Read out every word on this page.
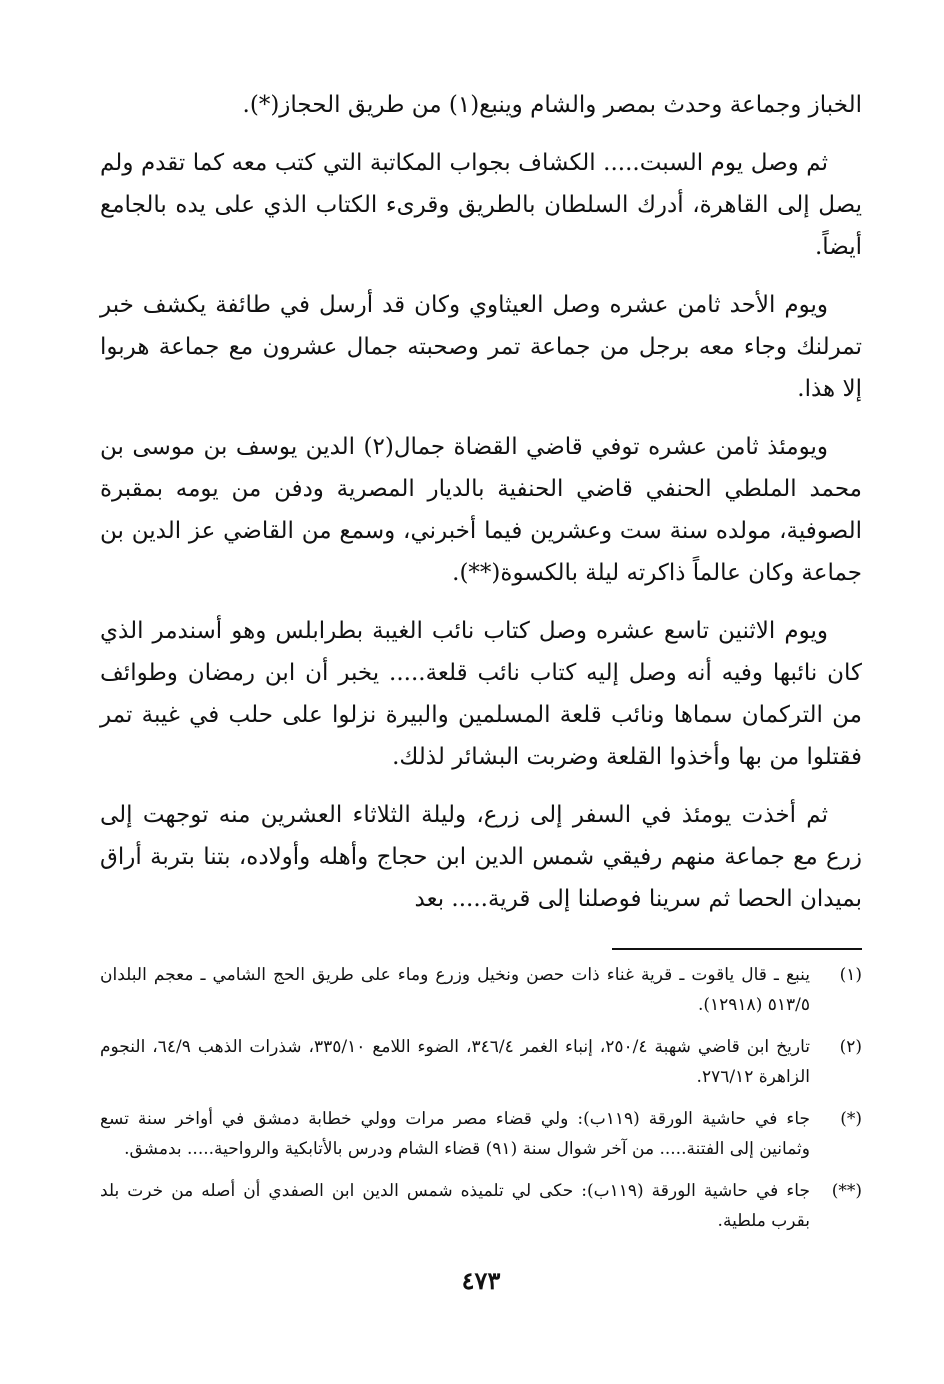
الخباز وجماعة وحدث بمصر والشام وينبع(١) من طريق الحجاز(*).

ثم وصل يوم السبت..... الكشاف بجواب المكاتبة التي كتب معه كما تقدم ولم يصل إلى القاهرة، أدرك السلطان بالطريق وقرىء الكتاب الذي على يده بالجامع أيضاً.

ويوم الأحد ثامن عشره وصل العيثاوي وكان قد أرسل في طائفة يكشف خبر تمرلنك وجاء معه برجل من جماعة تمر وصحبته جمال عشرون مع جماعة هربوا إلا هذا.

ويومئذ ثامن عشره توفي قاضي القضاة جمال(٢) الدين يوسف بن موسى بن محمد الملطي الحنفي قاضي الحنفية بالديار المصرية ودفن من يومه بمقبرة الصوفية، مولده سنة ست وعشرين فيما أخبرني، وسمع من القاضي عز الدين بن جماعة وكان عالماً ذاكرته ليلة بالكسوة(**).

ويوم الاثنين تاسع عشره وصل كتاب نائب الغيبة بطرابلس وهو أسندمر الذي كان نائبها وفيه أنه وصل إليه كتاب نائب قلعة..... يخبر أن ابن رمضان وطوائف من التركمان سماها ونائب قلعة المسلمين والبيرة نزلوا على حلب في غيبة تمر فقتلوا من بها وأخذوا القلعة وضربت البشائر لذلك.

ثم أخذت يومئذ في السفر إلى زرع، وليلة الثلاثاء العشرين منه توجهت إلى زرع مع جماعة منهم رفيقي شمس الدين ابن حجاج وأهله وأولاده، بتنا بتربة أراق بميدان الحصا ثم سرينا فوصلنا إلى قرية..... بعد

(١)
ينبع ـ قال ياقوت ـ قرية غناء ذات حصن ونخيل وزرع وماء على طريق الحج الشامي ـ معجم البلدان ٥١٣/٥ (١٢٩١٨).
(٢)
تاريخ ابن قاضي شهبة ٢٥٠/٤، إنباء الغمر ٣٤٦/٤، الضوء اللامع ٣٣٥/١٠، شذرات الذهب ٦٤/٩، النجوم الزاهرة ٢٧٦/١٢.
(*)
جاء في حاشية الورقة (١١٩ب): ولي قضاء مصر مرات وولي خطابة دمشق في أواخر سنة تسع وثمانين إلى الفتنة..... من آخر شوال سنة (٩١) قضاء الشام ودرس بالأتابكية والرواحية..... بدمشق.
(**)
جاء في حاشية الورقة (١١٩ب): حكى لي تلميذه شمس الدين ابن الصفدي أن أصله من خرت بلد بقرب ملطية.
٤٧٣
